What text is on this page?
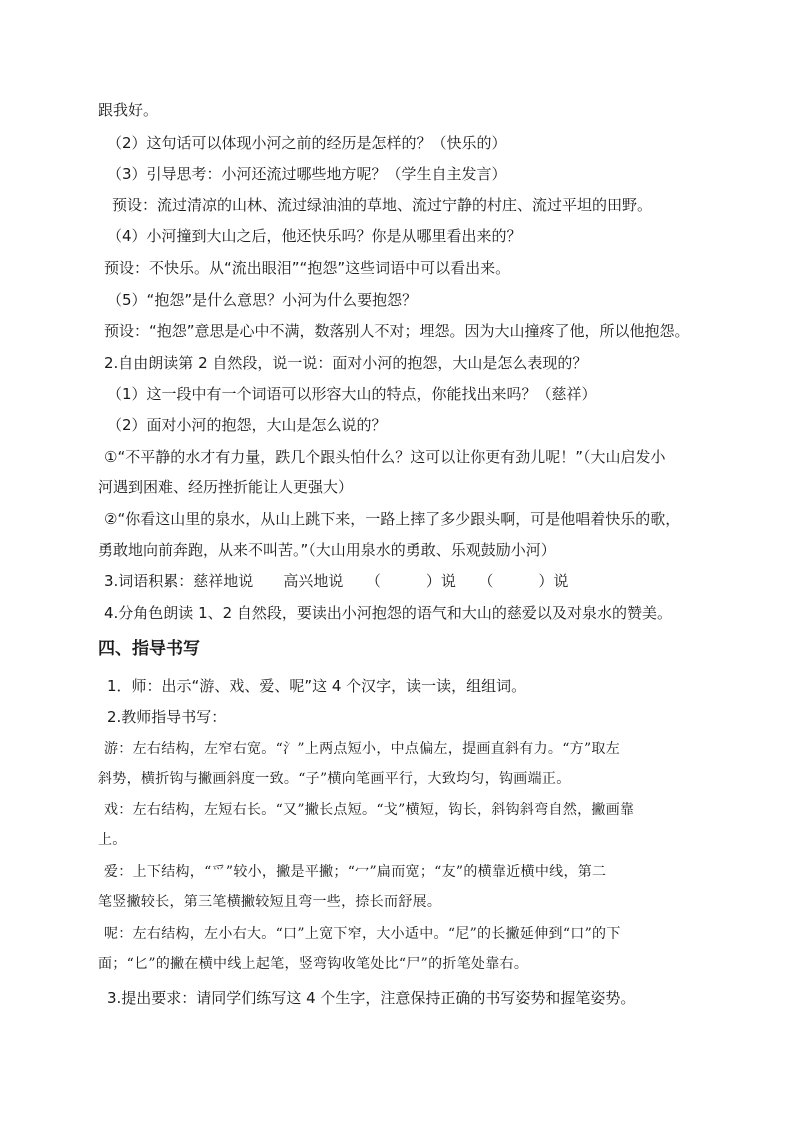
跟我好。
（2）这句话可以体现小河之前的经历是怎样的？（快乐的）
（3）引导思考：小河还流过哪些地方呢？（学生自主发言）
预设：流过清凉的山林、流过绿油油的草地、流过宁静的村庄、流过平坦的田野。
（4）小河撞到大山之后，他还快乐吗？你是从哪里看出来的？
预设：不快乐。从“流出眼泪”“抱怨”这些词语中可以看出来。
（5）“抱怨”是什么意思？小河为什么要抱怨？
预设：“抱怨”意思是心中不满，数落别人不对；埋怨。因为大山撞疼了他，所以他抱怨。
2.自由朗读第 2 自然段，说一说：面对小河的抱怨，大山是怎么表现的？
（1）这一段中有一个词语可以形容大山的特点，你能找出来吗？（慈祥）
（2）面对小河的抱怨，大山是怎么说的？
①“不平静的水才有力量，跌几个跟头怕什么？这可以让你更有劲儿呢！”（大山启发小
河遇到困难、经历挫折能让人更强大）
②“你看这山里的泉水，从山上跳下来，一路上摔了多少跟头啊，可是他唱着快乐的歌，
勇敢地向前奔跑，从来不叫苦。”（大山用泉水的勇敢、乐观鼓励小河）
3.词语积累：慈祥地说　　高兴地说　　（　　　）说　　（　　　）说
4.分角色朗读 1、2 自然段，要读出小河抱怨的语气和大山的慈爱以及对泉水的赞美。
四、指导书写
1．师：出示“游、戏、爱、呢”这 4 个汉字，读一读，组组词。
2.教师指导书写：
游：左右结构，左窄右宽。“氵”上两点短小，中点偏左，提画直斜有力。“方”取左
斜势，横折钩与撇画斜度一致。“子”横向笔画平行，大致均匀，钩画端正。
戏：左右结构，左短右长。“又”撇长点短。“戈”横短，钩长，斜钩斜弯自然，撇画靠
上。
爱：上下结构，“爫”较小，撇是平撇；“冖”扁而宽；“友”的横靠近横中线，第二
笔竖撇较长，第三笔横撇较短且弯一些，捺长而舒展。
呢：左右结构，左小右大。“口”上宽下窄，大小适中。“尼”的长撇延伸到“口”的下
面；“匕”的撇在横中线上起笔，竖弯钩收笔处比“尸”的折笔处靠右。
3.提出要求：请同学们练写这 4 个生字，注意保持正确的书写姿势和握笔姿势。
